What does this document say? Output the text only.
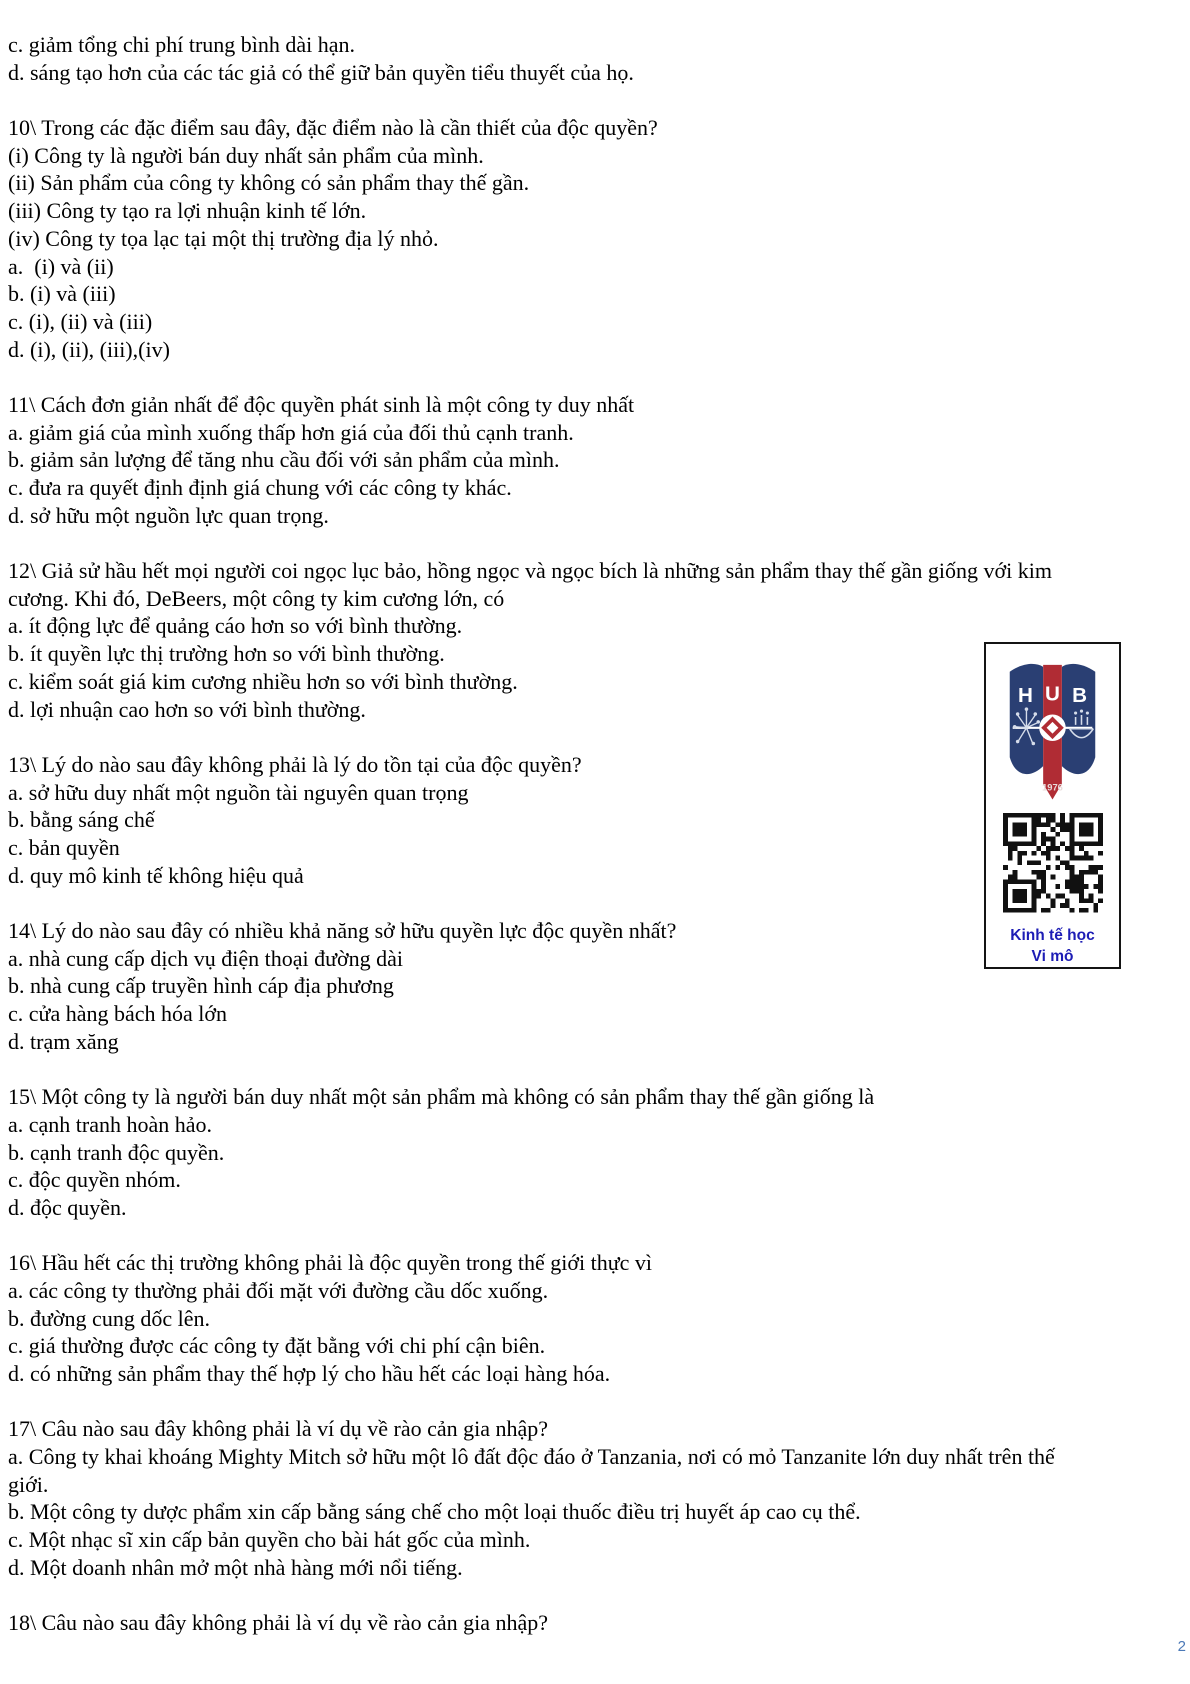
c. giảm tổng chi phí trung bình dài hạn.
d. sáng tạo hơn của các tác giả có thể giữ bản quyền tiểu thuyết của họ.
10\ Trong các đặc điểm sau đây, đặc điểm nào là cần thiết của độc quyền?
(i) Công ty là người bán duy nhất sản phẩm của mình.
(ii) Sản phẩm của công ty không có sản phẩm thay thế gần.
(iii) Công ty tạo ra lợi nhuận kinh tế lớn.
(iv) Công ty tọa lạc tại một thị trường địa lý nhỏ.
a.  (i) và (ii)
b. (i) và (iii)
c. (i), (ii) và (iii)
d. (i), (ii), (iii),(iv)
11\ Cách đơn giản nhất để độc quyền phát sinh là một công ty duy nhất
a. giảm giá của mình xuống thấp hơn giá của đối thủ cạnh tranh.
b. giảm sản lượng để tăng nhu cầu đối với sản phẩm của mình.
c. đưa ra quyết định định giá chung với các công ty khác.
d. sở hữu một nguồn lực quan trọng.
12\ Giả sử hầu hết mọi người coi ngọc lục bảo, hồng ngọc và ngọc bích là những sản phẩm thay thế gần giống với kim
cương. Khi đó, DeBeers, một công ty kim cương lớn, có
a. ít động lực để quảng cáo hơn so với bình thường.
b. ít quyền lực thị trường hơn so với bình thường.
c. kiểm soát giá kim cương nhiều hơn so với bình thường.
d. lợi nhuận cao hơn so với bình thường.
13\ Lý do nào sau đây không phải là lý do tồn tại của độc quyền?
a. sở hữu duy nhất một nguồn tài nguyên quan trọng
b. bằng sáng chế
c. bản quyền
d. quy mô kinh tế không hiệu quả
14\ Lý do nào sau đây có nhiều khả năng sở hữu quyền lực độc quyền nhất?
a. nhà cung cấp dịch vụ điện thoại đường dài
b. nhà cung cấp truyền hình cáp địa phương
c. cửa hàng bách hóa lớn
d. trạm xăng
15\ Một công ty là người bán duy nhất một sản phẩm mà không có sản phẩm thay thế gần giống là
a. cạnh tranh hoàn hảo.
b. cạnh tranh độc quyền.
c. độc quyền nhóm.
d. độc quyền.
16\ Hầu hết các thị trường không phải là độc quyền trong thế giới thực vì
a. các công ty thường phải đối mặt với đường cầu dốc xuống.
b. đường cung dốc lên.
c. giá thường được các công ty đặt bằng với chi phí cận biên.
d. có những sản phẩm thay thế hợp lý cho hầu hết các loại hàng hóa.
17\ Câu nào sau đây không phải là ví dụ về rào cản gia nhập?
a. Công ty khai khoáng Mighty Mitch sở hữu một lô đất độc đáo ở Tanzania, nơi có mỏ Tanzanite lớn duy nhất trên thế
giới.
b. Một công ty dược phẩm xin cấp bằng sáng chế cho một loại thuốc điều trị huyết áp cao cụ thể.
c. Một nhạc sĩ xin cấp bản quyền cho bài hát gốc của mình.
d. Một doanh nhân mở một nhà hàng mới nổi tiếng.
18\ Câu nào sau đây không phải là ví dụ về rào cản gia nhập?
H U B
1976
Kinh tế học
Vi mô
2
